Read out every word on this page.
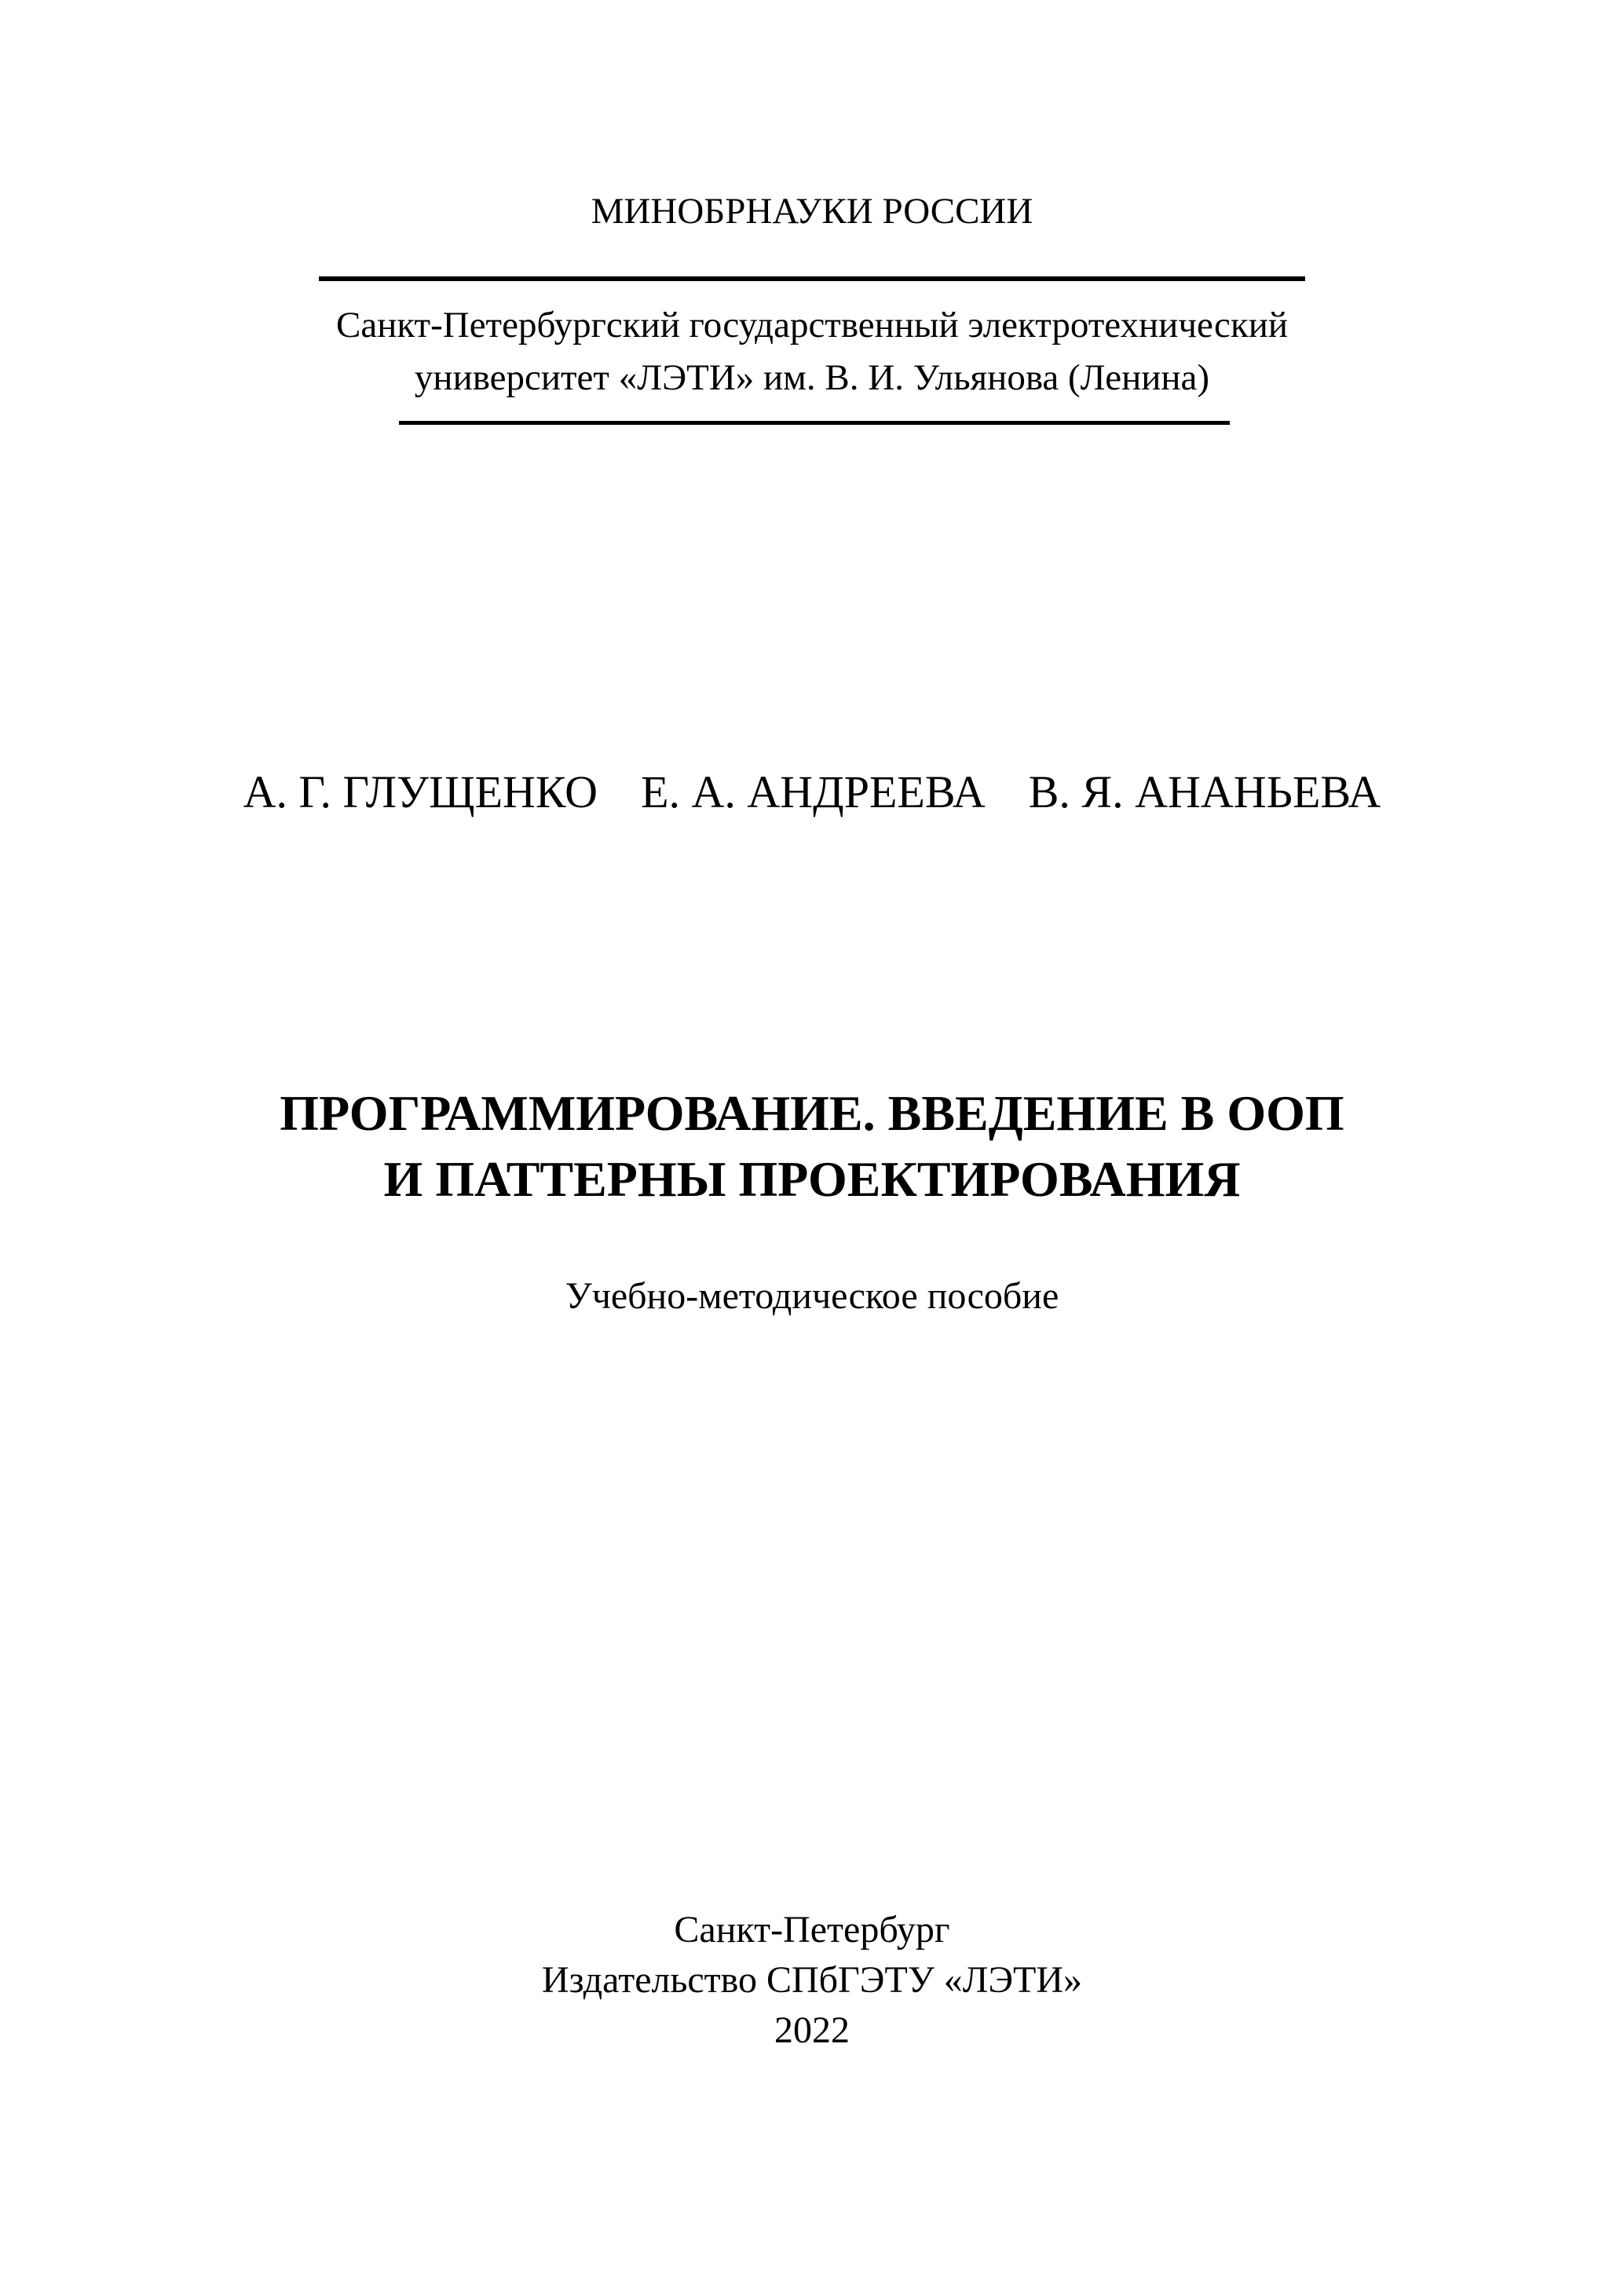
МИНОБРНАУКИ РОССИИ
Санкт-Петербургский государственный электротехнический
университет «ЛЭТИ» им. В. И. Ульянова (Ленина)
А. Г. ГЛУЩЕНКО Е. А. АНДРЕЕВА В. Я. АНАНЬЕВА
ПРОГРАММИРОВАНИЕ. ВВЕДЕНИЕ В ООП
И ПАТТЕРНЫ ПРОЕКТИРОВАНИЯ
Учебно-методическое пособие
Санкт-Петербург
Издательство СПбГЭТУ «ЛЭТИ»
2022
